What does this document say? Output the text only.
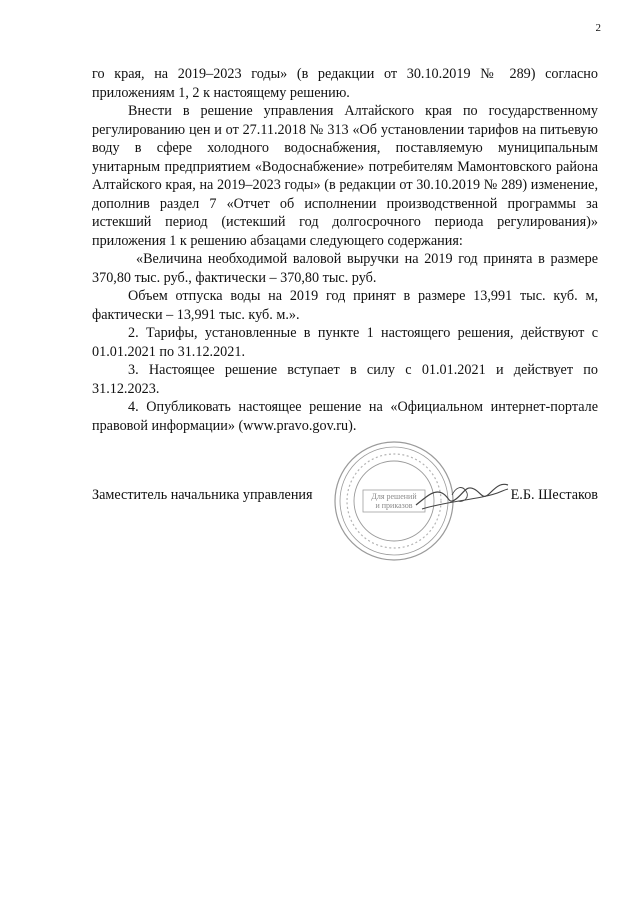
2

го края, на 2019–2023 годы» (в редакции от 30.10.2019 № 289) согласно приложениям 1, 2 к настоящему решению.

Внести в решение управления Алтайского края по государственному регулированию цен и от 27.11.2018 № 313 «Об установлении тарифов на питьевую воду в сфере холодного водоснабжения, поставляемую муниципальным унитарным предприятием «Водоснабжение» потребителям Мамонтовского района Алтайского края, на 2019–2023 годы» (в редакции от 30.10.2019 № 289) изменение, дополнив раздел 7 «Отчет об исполнении производственной программы за истекший период (истекший год долгосрочного периода регулирования)» приложения 1 к решению абзацами следующего содержания:

«Величина необходимой валовой выручки на 2019 год принята в размере 370,80 тыс. руб., фактически – 370,80 тыс. руб.

Объем отпуска воды на 2019 год принят в размере 13,991 тыс. куб. м, фактически – 13,991 тыс. куб. м.».

2. Тарифы, установленные в пункте 1 настоящего решения, действуют с 01.01.2021 по 31.12.2021.

3. Настоящее решение вступает в силу с 01.01.2021 и действует по 31.12.2023.

4. Опубликовать настоящее решение на «Официальном интернет-портале правовой информации» (www.pravo.gov.ru).

Для решений
и приказов
Заместитель начальника управления	Е.Б. Шестаков
